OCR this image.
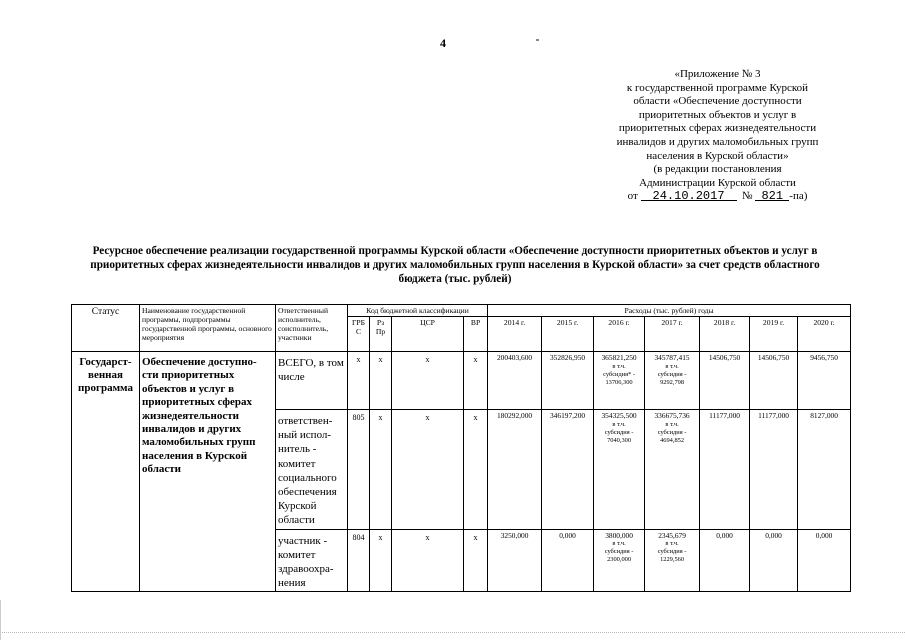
4
«Приложение № 3
к государственной программе Курской
области «Обеспечение доступности
приоритетных объектов и услуг в
приоритетных сферах жизнедеятельности
инвалидов и других маломобильных групп
населения в Курской области»
(в редакции постановления
Администрации Курской области
от 24.10.2017 № 821 -па)
Ресурсное обеспечение реализации государственной программы Курской области «Обеспечение доступности приоритетных объектов и услуг в приоритетных сферах жизнедеятельности инвалидов и других маломобильных групп населения в Курской области» за счет средств областного бюджета (тыс. рублей)
Статус	Наименование государственной программы, подпрограммы государственной программы, основного мероприятия	Ответственный исполнитель, соисполнитель, участники	Код бюджетной классификации				Расходы (тыс. рублей) годы						
			ГРБ С	Рз Пр	ЦСР	ВР	2014 г.	2015 г.	2016 г.	2017 г.	2018 г.	2019 г.	2020 г.
Государст-венная программа	Обеспечение доступно-сти приоритетных объектов и услуг в приоритетных сферах жизнедеятельности инвалидов и других маломобильных групп населения в Курской области	ВСЕГО, в том числе	х	х	х	х	200403,600	352826,950	365821,250
в т.ч.
субсидия* -
13706,300	345787,415
в т.ч.
субсидия -
9292,798	14506,750	14506,750	9456,750
		ответствен-ный испол-нитель - комитет социального обеспечения Курской области	805	х	х	х	180292,000	346197,200	354325,500
в т.ч.
субсидия -
7040,300	336675,736
в т.ч.
субсидия -
4694,852	11177,000	11177,000	8127,000
		участник - комитет здравоохра-нения	804	х	х	х	3250,000	0,000	3800,000
в т.ч.
субсидия -
2300,000	2345,679
в т.ч.
субсидия -
1229,560	0,000	0,000	0,000
